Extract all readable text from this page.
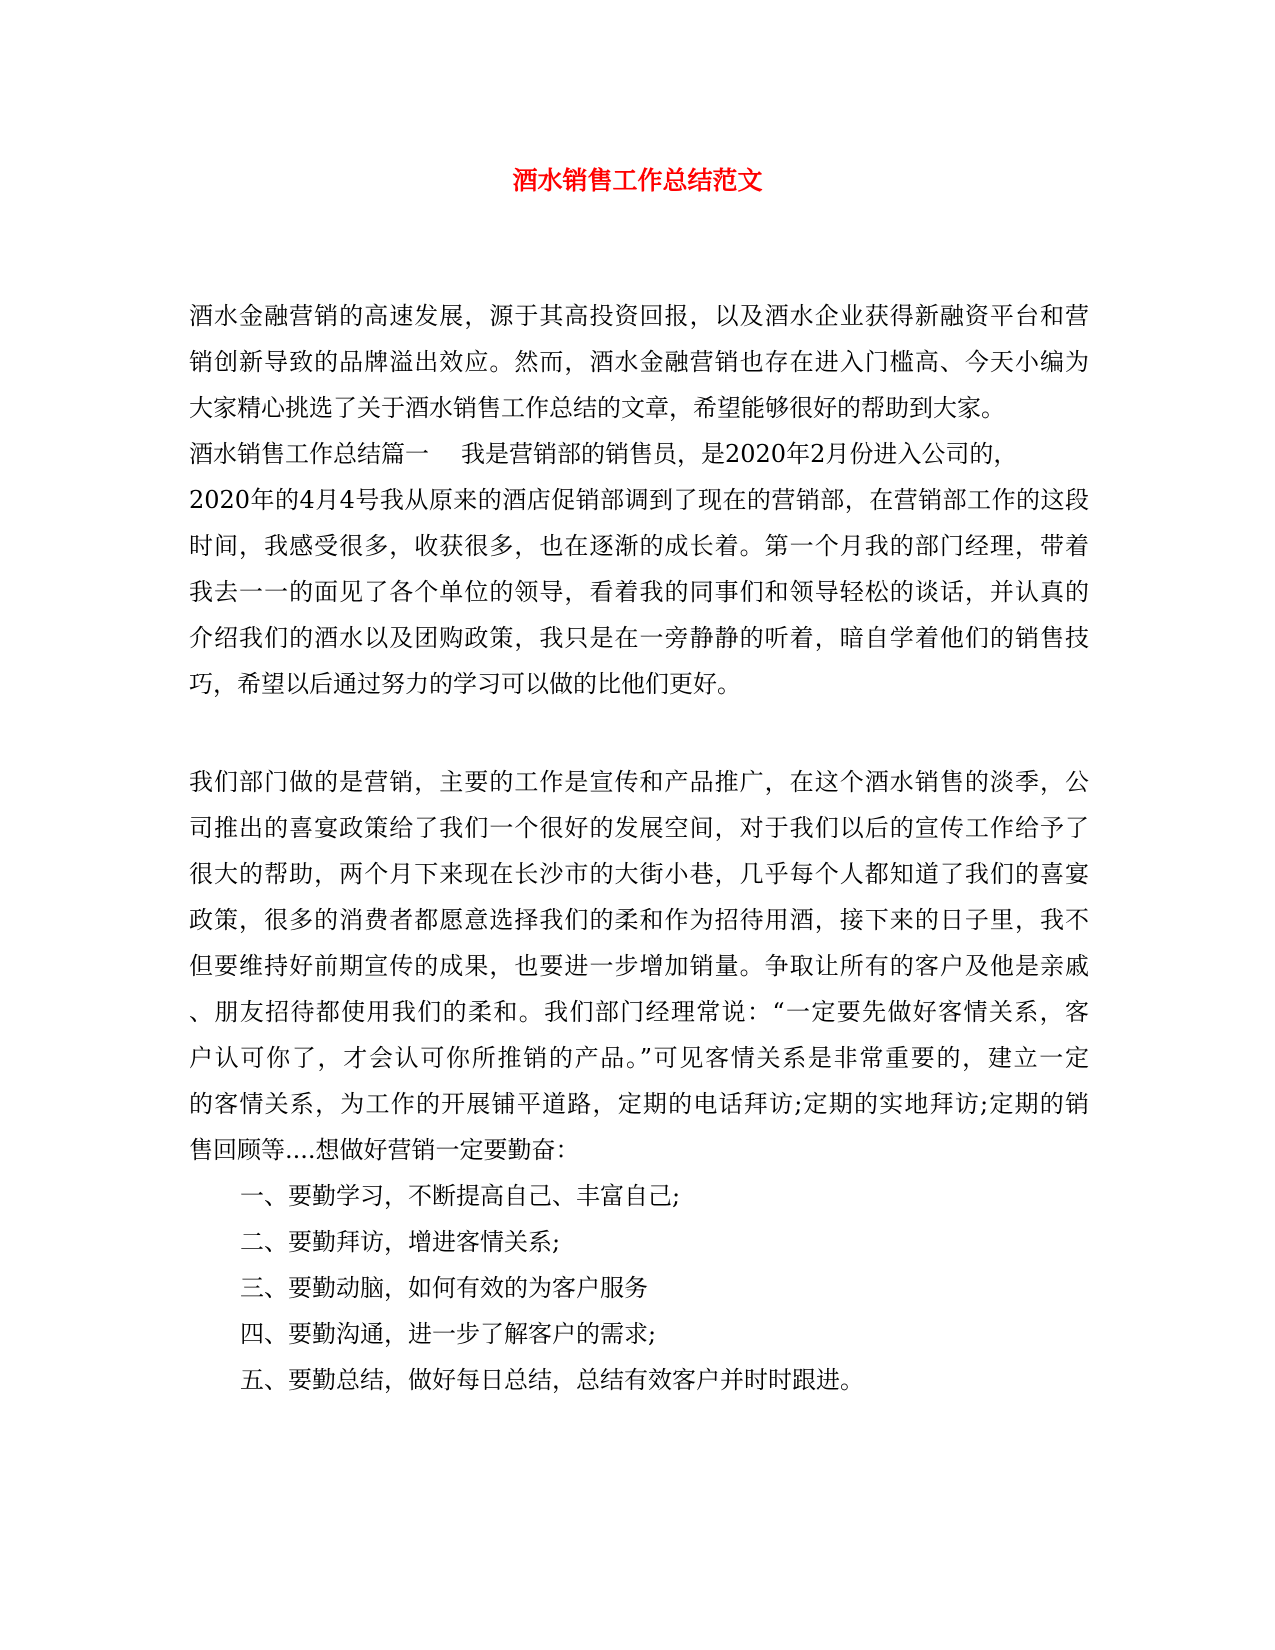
酒水销售工作总结范文
酒水金融营销的高速发展，源于其高投资回报，以及酒水企业获得新融资平台和营
销创新导致的品牌溢出效应。然而，酒水金融营销也存在进入门槛高、今天小编为
大家精心挑选了关于酒水销售工作总结的文章，希望能够很好的帮助到大家。
酒水销售工作总结篇一 我是营销部的销售员，是2020年2月份进入公司的，
2020年的4月4号我从原来的酒店促销部调到了现在的营销部，在营销部工作的这段
时间，我感受很多，收获很多，也在逐渐的成长着。第一个月我的部门经理，带着
我去一一的面见了各个单位的领导，看着我的同事们和领导轻松的谈话，并认真的
介绍我们的酒水以及团购政策，我只是在一旁静静的听着，暗自学着他们的销售技
巧，希望以后通过努力的学习可以做的比他们更好。
我们部门做的是营销，主要的工作是宣传和产品推广，在这个酒水销售的淡季，公
司推出的喜宴政策给了我们一个很好的发展空间，对于我们以后的宣传工作给予了
很大的帮助，两个月下来现在长沙市的大街小巷，几乎每个人都知道了我们的喜宴
政策，很多的消费者都愿意选择我们的柔和作为招待用酒，接下来的日子里，我不
但要维持好前期宣传的成果，也要进一步增加销量。争取让所有的客户及他是亲戚
、朋友招待都使用我们的柔和。我们部门经理常说：“一定要先做好客情关系，客
户认可你了，才会认可你所推销的产品。”可见客情关系是非常重要的，建立一定
的客情关系，为工作的开展铺平道路，定期的电话拜访;定期的实地拜访;定期的销
售回顾等....想做好营销一定要勤奋：
一、要勤学习，不断提高自己、丰富自己;
二、要勤拜访，增进客情关系;
三、要勤动脑，如何有效的为客户服务
四、要勤沟通，进一步了解客户的需求;
五、要勤总结，做好每日总结，总结有效客户并时时跟进。
